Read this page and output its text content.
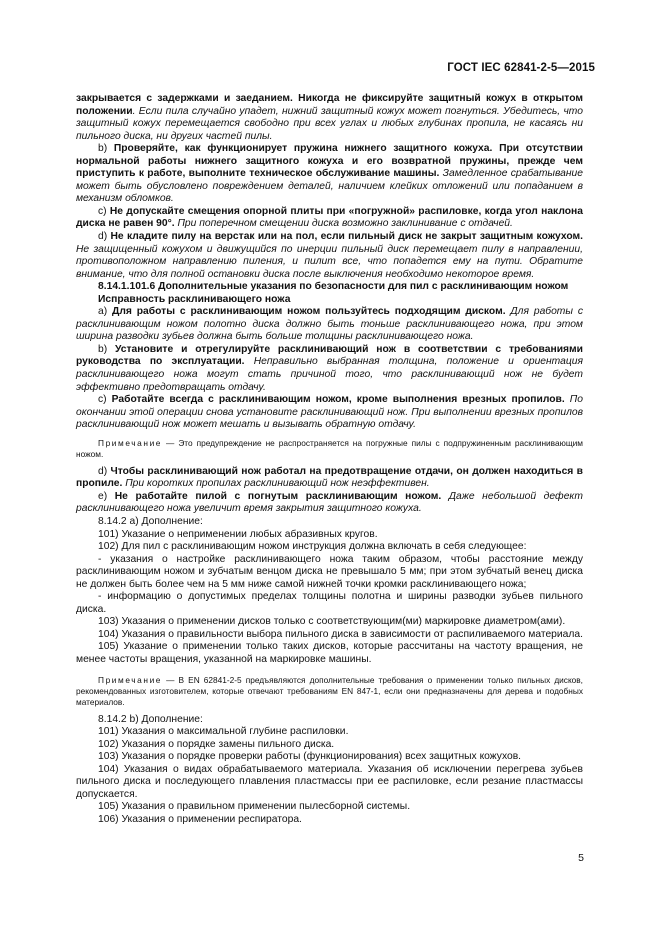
ГОСТ IEC 62841-2-5—2015

закрывается с задержками и заеданием. Никогда не фиксируйте защитный кожух в открытом положении. Если пила случайно упадет, нижний защитный кожух может погнуться. Убедитесь, что защитный кожух перемещается свободно при всех углах и любых глубинах пропила, не касаясь ни пильного диска, ни других частей пилы.

b) Проверяйте, как функционирует пружина нижнего защитного кожуха. При отсутствии нормальной работы нижнего защитного кожуха и его возвратной пружины, прежде чем приступить к работе, выполните техническое обслуживание машины. Замедленное срабатывание может быть обусловлено повреждением деталей, наличием клейких отложений или попаданием в механизм обломков.

c) Не допускайте смещения опорной плиты при «погружной» распиловке, когда угол наклона диска не равен 90°. При поперечном смещении диска возможно заклинивание с отдачей.

d) Не кладите пилу на верстак или на пол, если пильный диск не закрыт защитным кожухом. Не защищенный кожухом и движущийся по инерции пильный диск перемещает пилу в направлении, противоположном направлению пиления, и пилит все, что попадется ему на пути. Обратите внимание, что для полной остановки диска после выключения необходимо некоторое время.

8.14.1.101.6 Дополнительные указания по безопасности для пил с расклинивающим ножом

Исправность расклинивающего ножа

a) Для работы с расклинивающим ножом пользуйтесь подходящим диском. Для работы с расклинивающим ножом полотно диска должно быть тоньше расклинивающего ножа, при этом ширина разводки зубьев должна быть больше толщины расклинивающего ножа.

b) Установите и отрегулируйте расклинивающий нож в соответствии с требованиями руководства по эксплуатации. Неправильно выбранная толщина, положение и ориентация расклинивающего ножа могут стать причиной того, что расклинивающий нож не будет эффективно предотвращать отдачу.

c) Работайте всегда с расклинивающим ножом, кроме выполнения врезных пропилов. По окончании этой операции снова установите расклинивающий нож. При выполнении врезных пропилов расклинивающий нож может мешать и вызывать обратную отдачу.

Примечание — Это предупреждение не распространяется на погружные пилы с подпружиненным расклинивающим ножом.

d) Чтобы расклинивающий нож работал на предотвращение отдачи, он должен находиться в пропиле. При коротких пропилах расклинивающий нож неэффективен.

e) Не работайте пилой с погнутым расклинивающим ножом. Даже небольшой дефект расклинивающего ножа увеличит время закрытия защитного кожуха.

8.14.2 a) Дополнение:

101) Указание о неприменении любых абразивных кругов.

102) Для пил с расклинивающим ножом инструкция должна включать в себя следующее:

- указания о настройке расклинивающего ножа таким образом, чтобы расстояние между расклинивающим ножом и зубчатым венцом диска не превышало 5 мм; при этом зубчатый венец диска не должен быть более чем на 5 мм ниже самой нижней точки кромки расклинивающего ножа;

- информацию о допустимых пределах толщины полотна и ширины разводки зубьев пильного диска.

103) Указания о применении дисков только с соответствующим(ми) маркировке диаметром(ами).

104) Указания о правильности выбора пильного диска в зависимости от распиливаемого материала.

105) Указание о применении только таких дисков, которые рассчитаны на частоту вращения, не менее частоты вращения, указанной на маркировке машины.

Примечание — В EN 62841-2-5 предъявляются дополнительные требования о применении только пильных дисков, рекомендованных изготовителем, которые отвечают требованиям EN 847-1, если они предназначены для дерева и подобных материалов.

8.14.2 b) Дополнение:

101) Указания о максимальной глубине распиловки.

102) Указания о порядке замены пильного диска.

103) Указания о порядке проверки работы (функционирования) всех защитных кожухов.

104) Указания о видах обрабатываемого материала. Указания об исключении перегрева зубьев пильного диска и последующего плавления пластмассы при ее распиловке, если резание пластмассы допускается.

105) Указания о правильном применении пылесборной системы.

106) Указания о применении респиратора.

5
